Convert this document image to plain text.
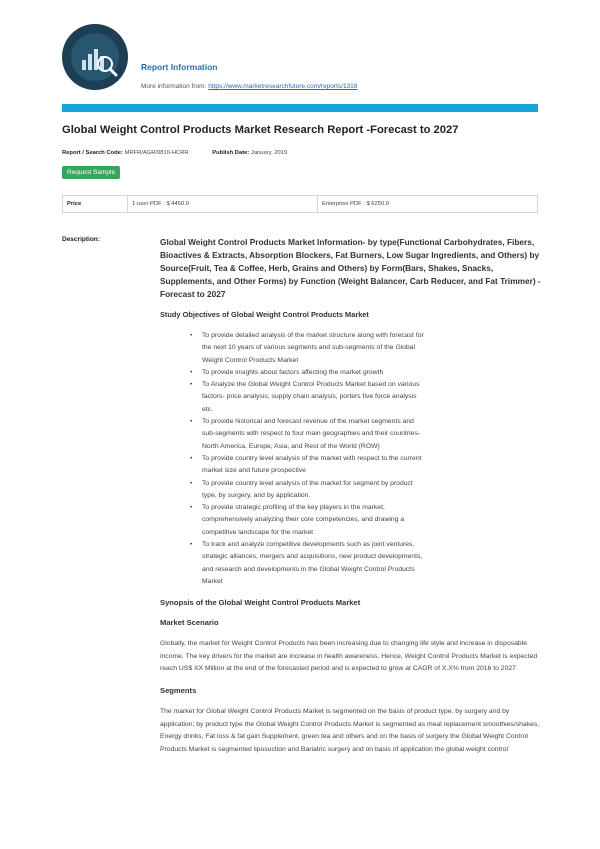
Report Information
More information from: https://www.marketresearchfuture.com/reports/1318
Global Weight Control Products Market Research Report -Forecast to 2027
Report / Search Code: MRFR/AGR/0810-HCRR	Publish Date: January, 2019
Request Sample
Price	1-user PDF : $ 4450.0	Enterprise PDF : $ 6250.0
Description:	Global Weight Control Products Market Information- by type(Functional Carbohydrates, Fibers, Bioactives & Extracts, Absorption Blockers, Fat Burners, Low Sugar Ingredients, and Others) by Source(Fruit, Tea & Coffee, Herb, Grains and Others) by Form(Bars, Shakes, Snacks, Supplements, and Other Forms) by Function (Weight Balancer, Carb Reducer, and Fat Trimmer) - Forecast to 2027
Study Objectives of Global Weight Control Products Market
• To provide detailed analysis of the market structure along with forecast for the next 10 years of various segments and sub-segments of the Global Weight Control Products Market
• To provide insights about factors affecting the market growth
• To Analyze the Global Weight Control Products Market based on various factors- price analysis, supply chain analysis, porters five force analysis etc.
• To provide historical and forecast revenue of the market segments and sub-segments with respect to four main geographies and their countries- North America, Europe, Asia, and Rest of the World (ROW)
• To provide country level analysis of the market with respect to the current market size and future prospective
• To provide country level analysis of the market for segment by product type, by surgery, and by application.
• To provide strategic profiling of the key players in the market, comprehensively analyzing their core competencies, and drawing a competitive landscape for the market
• To track and analyze competitive developments such as joint ventures, strategic alliances, mergers and acquisitions, new product developments, and research and developments in the Global Weight Control Products Market
Synopsis of the Global Weight Control Products Market
Market Scenario
Globally, the market for Weight Control Products has been increasing due to changing life style and increase in disposable income. The key drivers for the market are increase in health awareness. Hence, Weight Control Products Market is expected reach US$ XX Million at the end of the forecasted period and is expected to grow at CAGR of X.X% from 2016 to 2027.
Segments
The market for Global Weight Control Products Market is segmented on the basis of product type, by surgery and by application; by product type the Global Weight Control Products Market is segmented as meal replacement smoothies/shakes, Energy drinks, Fat loss & fat gain Supplement, green tea and others and on the basis of surgery the Global Weight Control Products Market is segmented liposuction and Bariatric surgery and on basis of application the global weight control
